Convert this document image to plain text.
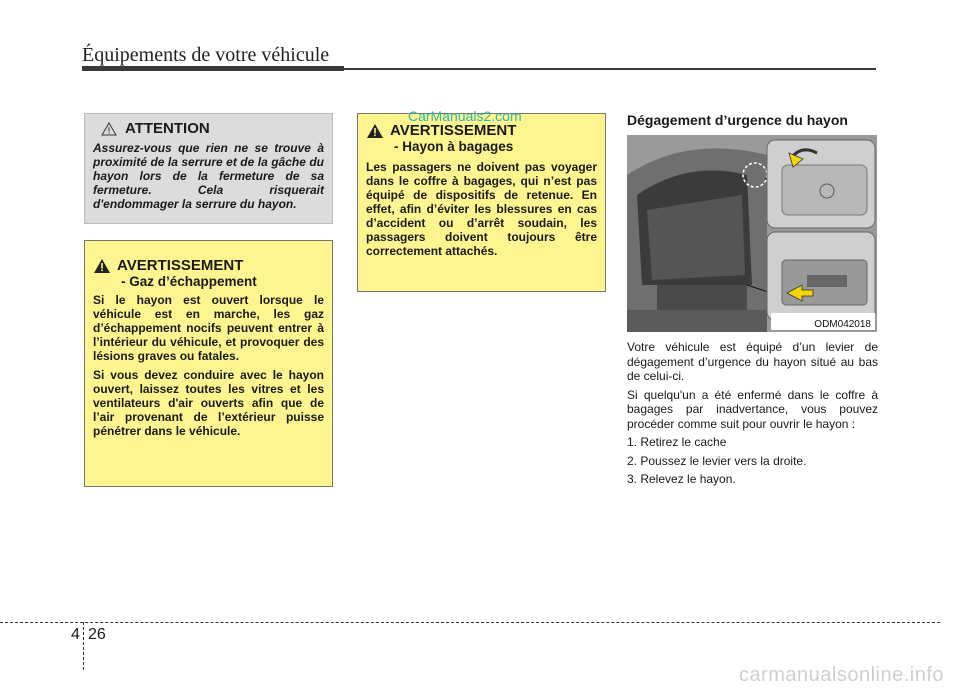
Équipements de votre véhicule
ATTENTION

Assurez-vous que rien ne se trouve à proximité de la serrure et de la gâche du hayon lors de la fermeture de sa fermeture. Cela risquerait d'endommager la serrure du hayon.

AVERTISSEMENT
- Gaz d’échappement

Si le hayon est ouvert lorsque le véhicule est en marche, les gaz d’échappement nocifs peuvent entrer à l’intérieur du véhicule, et provoquer des lésions graves ou fatales.

Si vous devez conduire avec le hayon ouvert, laissez toutes les vitres et les ventilateurs d'air ouverts afin que de l’air provenant de l’extérieur puisse pénétrer dans le véhicule.

AVERTISSEMENT
- Hayon à bagages

Les passagers ne doivent pas voyager dans le coffre à bagages, qui n’est pas équipé de dispositifs de retenue. En effet, afin d’éviter les blessures en cas d’accident ou d’arrêt soudain, les passagers doivent toujours être correctement attachés.

CarManuals2.com	Dégagement d’urgence du hayon
ODM042018

Votre véhicule est équipé d’un levier de dégagement d’urgence du hayon situé au bas de celui-ci.

Si quelqu'un a été enfermé dans le coffre à bagages par inadvertance, vous pouvez procéder comme suit pour ouvrir le hayon :

1. Retirez le cache

2. Poussez le levier vers la droite.

3. Relevez le hayon.

4 26
carmanualsonline.info
